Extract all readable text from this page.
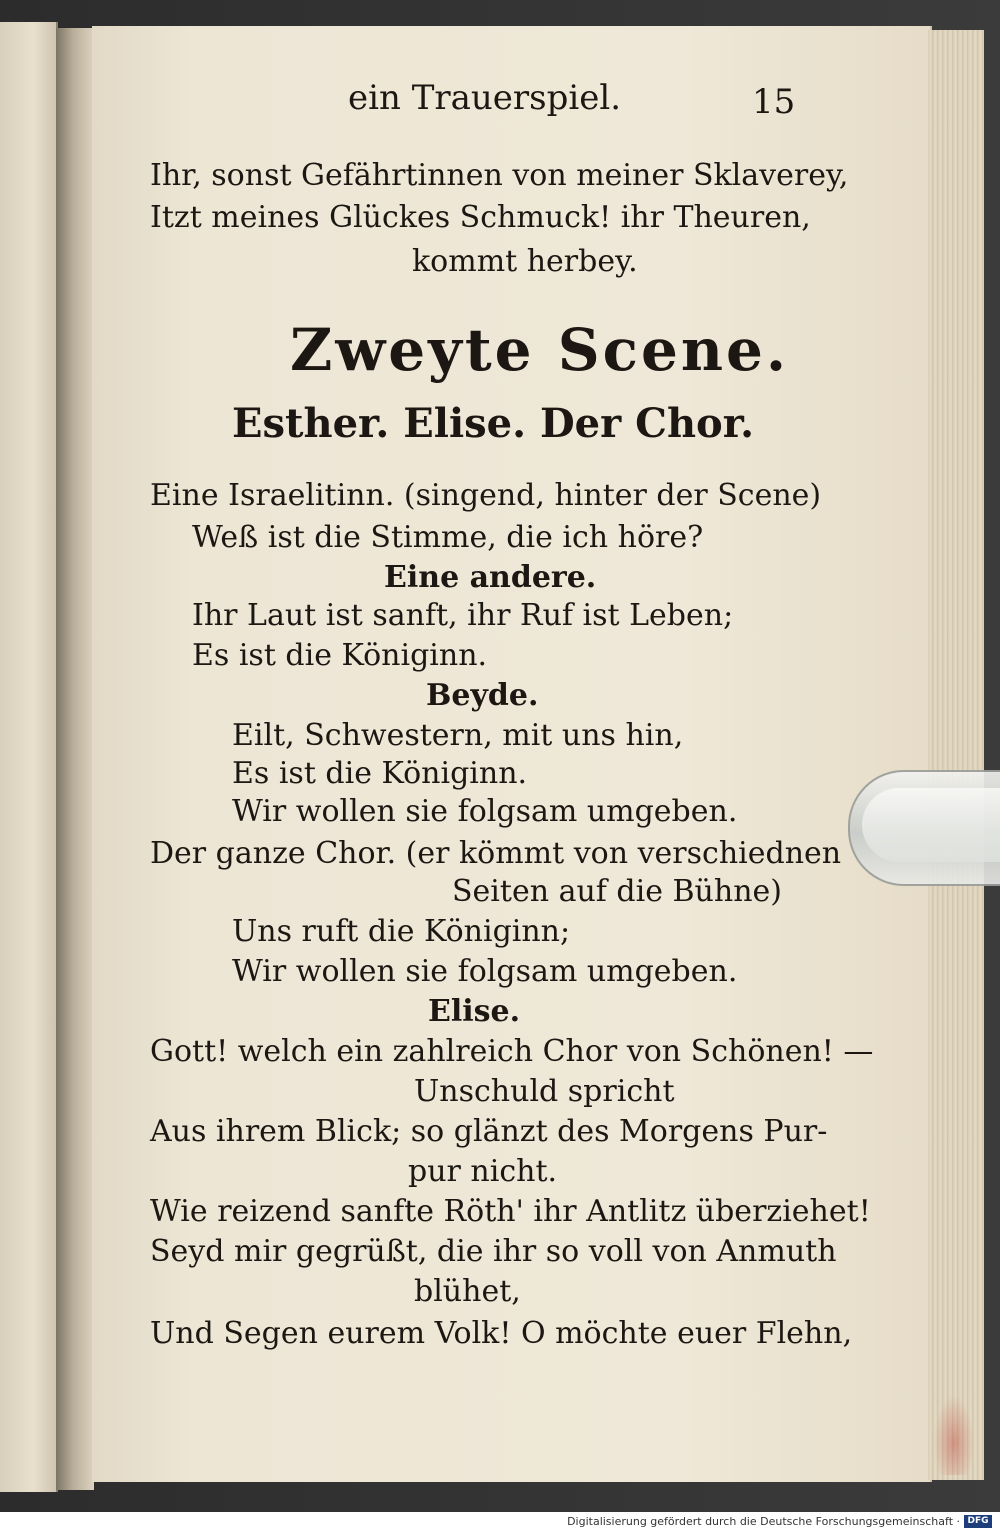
ein Trauerspiel.	15
Ihr, sonst Gefährtinnen von meiner Sklaverey,
Itzt meines Glückes Schmuck! ihr Theuren,
kommt herbey.
Zweyte Scene.
Esther. Elise. Der Chor.
Eine Israelitinn. (singend, hinter der Scene)
Weß ist die Stimme, die ich höre?
Eine andere.
Ihr Laut ist sanft, ihr Ruf ist Leben;
Es ist die Königinn.
Beyde.
Eilt, Schwestern, mit uns hin,
Es ist die Königinn.
Wir wollen sie folgsam umgeben.
Der ganze Chor. (er kömmt von verschiednen
Seiten auf die Bühne)
Uns ruft die Königinn;
Wir wollen sie folgsam umgeben.
Elise.
Gott! welch ein zahlreich Chor von Schönen! —
Unschuld spricht
Aus ihrem Blick; so glänzt des Morgens Pur-
pur nicht.
Wie reizend sanfte Röth' ihr Antlitz überziehet!
Seyd mir gegrüßt, die ihr so voll von Anmuth
blühet,
Und Segen eurem Volk! O möchte euer Flehn,
Digitalisierung gefördert durch die Deutsche Forschungsgemeinschaft · DFG
